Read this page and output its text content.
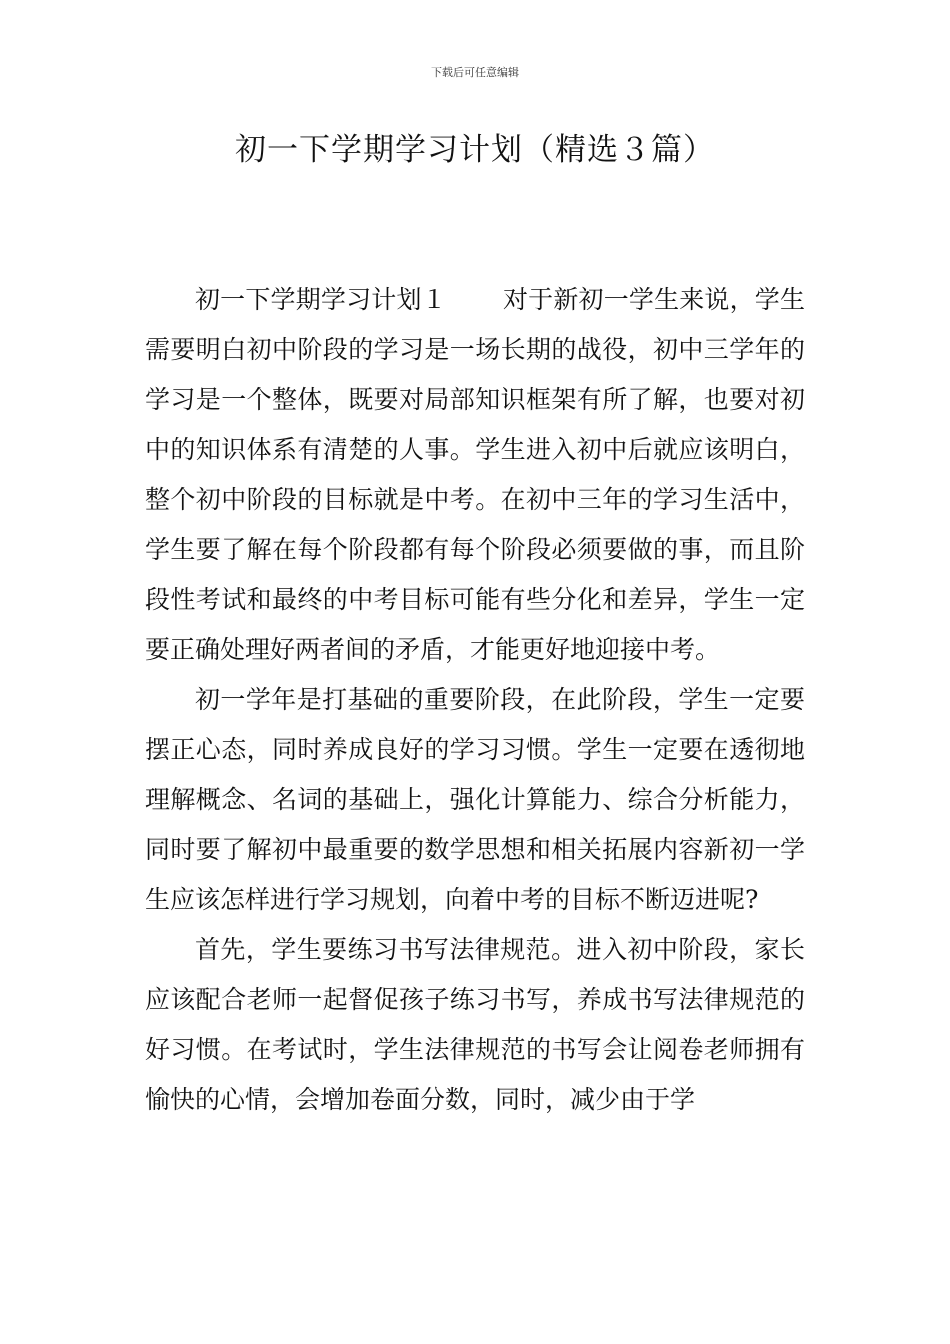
下载后可任意编辑
初一下学期学习计划（精选３篇）

初一下学期学习计划１ 对于新初一学生来说，学生需要明白初中阶段的学习是一场长期的战役，初中三学年的学习是一个整体，既要对局部知识框架有所了解，也要对初中的知识体系有清楚的人事。学生进入初中后就应该明白，整个初中阶段的目标就是中考。在初中三年的学习生活中，学生要了解在每个阶段都有每个阶段必须要做的事，而且阶段性考试和最终的中考目标可能有些分化和差异，学生一定要正确处理好两者间的矛盾，才能更好地迎接中考。

初一学年是打基础的重要阶段，在此阶段，学生一定要摆正心态，同时养成良好的学习习惯。学生一定要在透彻地理解概念、名词的基础上，强化计算能力、综合分析能力，同时要了解初中最重要的数学思想和相关拓展内容新初一学生应该怎样进行学习规划，向着中考的目标不断迈进呢?

首先，学生要练习书写法律规范。进入初中阶段，家长应该配合老师一起督促孩子练习书写，养成书写法律规范的好习惯。在考试时，学生法律规范的书写会让阅卷老师拥有愉快的心情，会增加卷面分数，同时，减少由于学
